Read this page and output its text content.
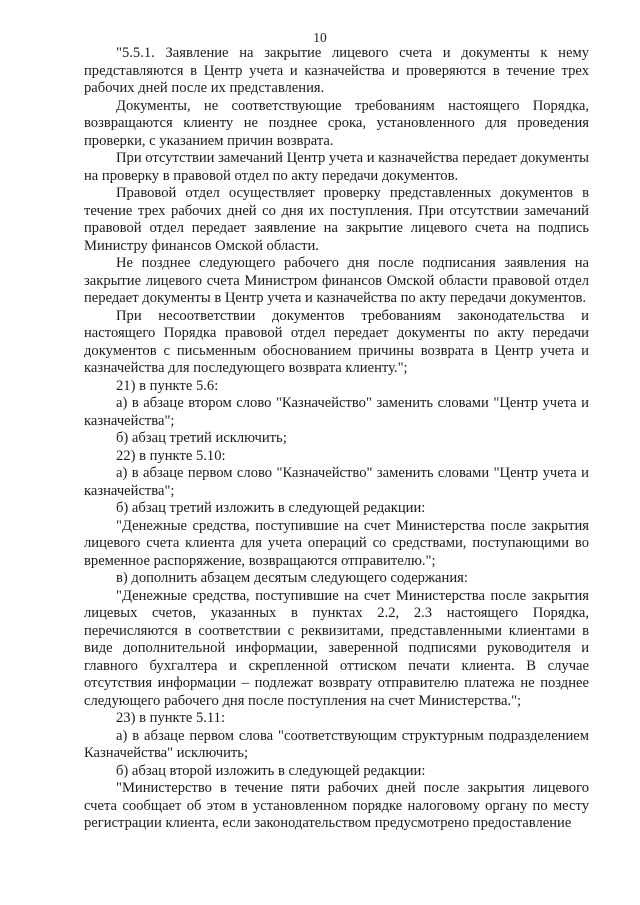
10

"5.5.1. Заявление на закрытие лицевого счета и документы к нему представляются в Центр учета и казначейства и проверяются в течение трех рабочих дней после их представления.

Документы, не соответствующие требованиям настоящего Порядка, возвращаются клиенту не позднее срока, установленного для проведения проверки, с указанием причин возврата.

При отсутствии замечаний Центр учета и казначейства передает документы на проверку в правовой отдел по акту передачи документов.

Правовой отдел осуществляет проверку представленных документов в течение трех рабочих дней со дня их поступления. При отсутствии замечаний правовой отдел передает заявление на закрытие лицевого счета на подпись Министру финансов Омской области.

Не позднее следующего рабочего дня после подписания заявления на закрытие лицевого счета Министром финансов Омской области правовой отдел передает документы в Центр учета и казначейства по акту передачи документов.

При несоответствии документов требованиям законодательства и настоящего Порядка правовой отдел передает документы по акту передачи документов с письменным обоснованием причины возврата в Центр учета и казначейства для последующего возврата клиенту.";

21) в пункте 5.6:

а) в абзаце втором слово "Казначейство" заменить словами "Центр учета и казначейства";

б) абзац третий исключить;

22) в пункте 5.10:

а) в абзаце первом слово "Казначейство" заменить словами "Центр учета и казначейства";

б) абзац третий изложить в следующей редакции:

"Денежные средства, поступившие на счет Министерства после закрытия лицевого счета клиента для учета операций со средствами, поступающими во временное распоряжение, возвращаются отправителю.";

в) дополнить абзацем десятым следующего содержания:

"Денежные средства, поступившие на счет Министерства после закрытия лицевых счетов, указанных в пунктах 2.2, 2.3 настоящего Порядка, перечисляются в соответствии с реквизитами, представленными клиентами в виде дополнительной информации, заверенной подписями руководителя и главного бухгалтера и скрепленной оттиском печати клиента. В случае отсутствия информации – подлежат возврату отправителю платежа не позднее следующего рабочего дня после поступления на счет Министерства.";

23) в пункте 5.11:

а) в абзаце первом слова "соответствующим структурным подразделением Казначейства" исключить;

б) абзац второй изложить в следующей редакции:

"Министерство в течение пяти рабочих дней после закрытия лицевого счета сообщает об этом в установленном порядке налоговому органу по месту регистрации клиента, если законодательством предусмотрено предоставление
